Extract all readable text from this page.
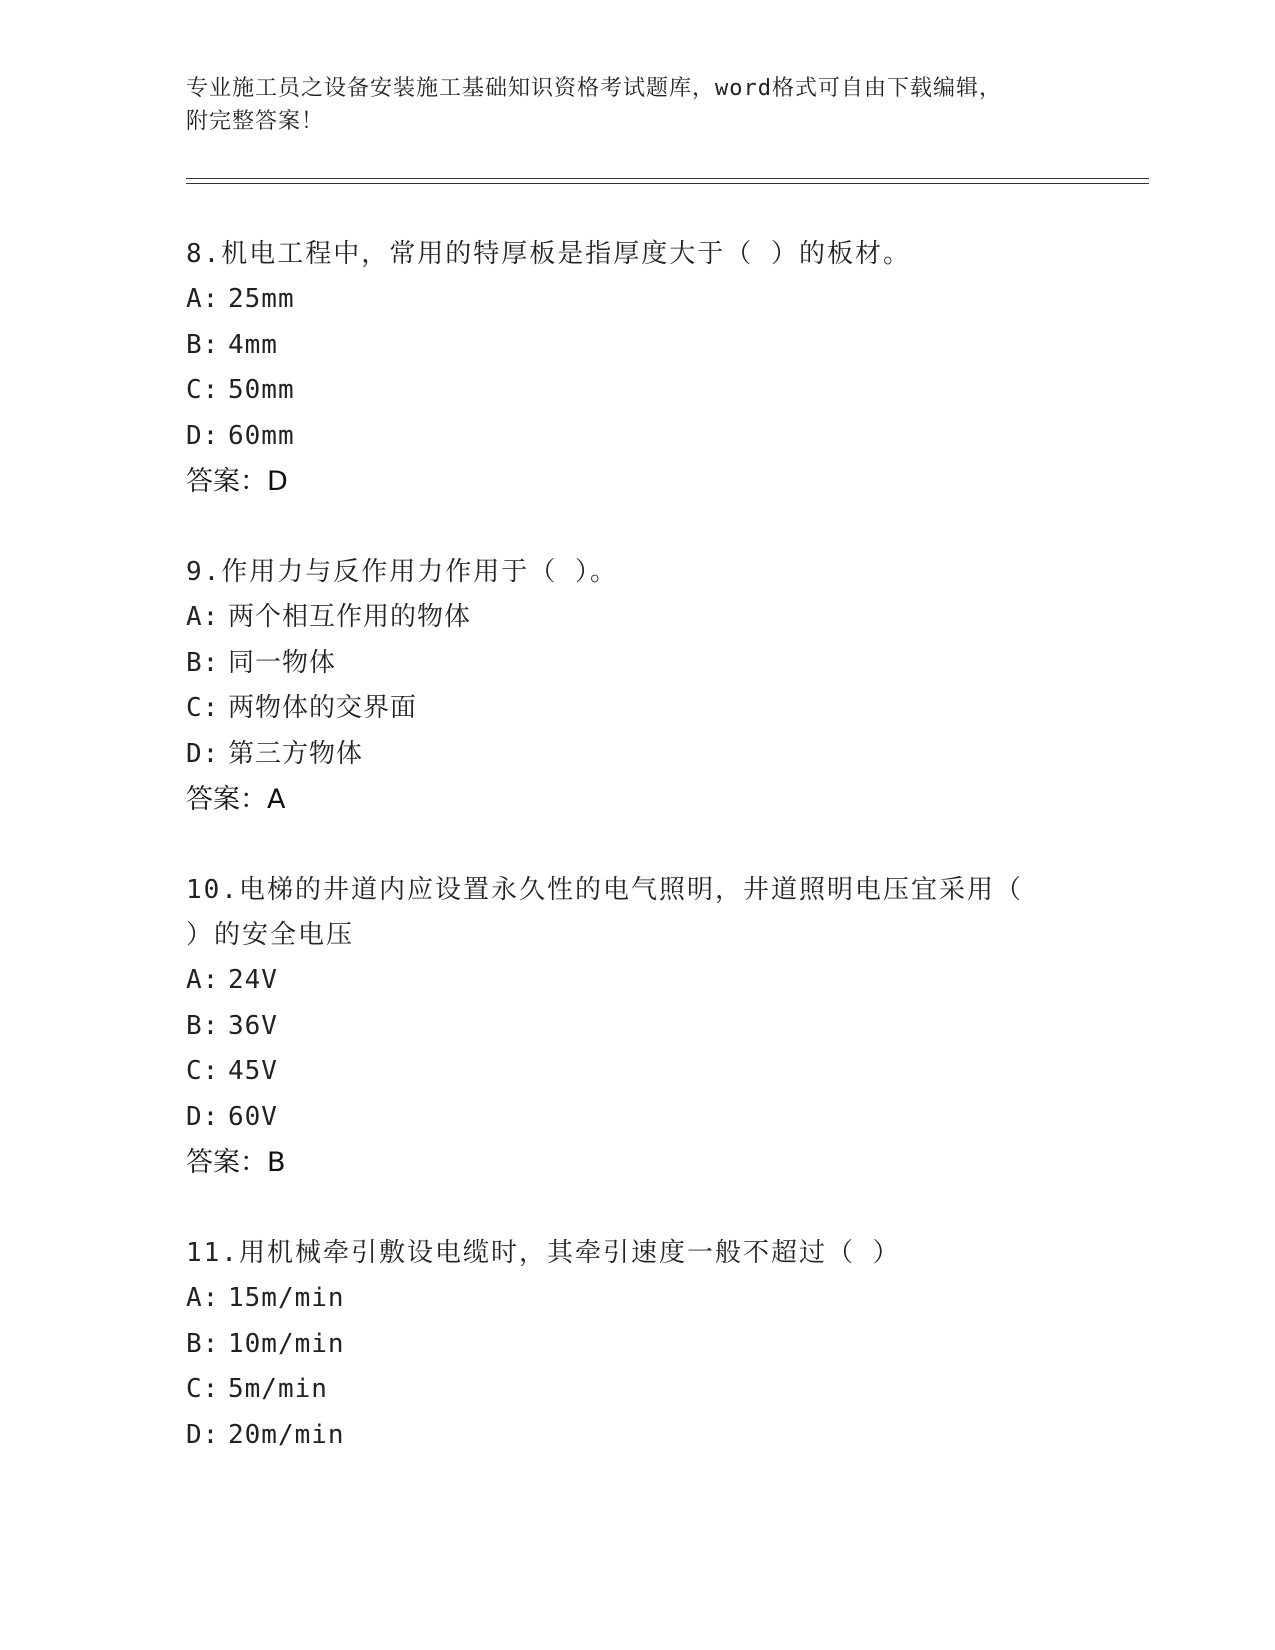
专业施工员之设备安装施工基础知识资格考试题库，word格式可自由下载编辑，
附完整答案！

8.机电工程中，常用的特厚板是指厚度大于（ ）的板材。

A: 25mm

B: 4mm

C: 50mm

D: 60mm

答案：D

9.作用力与反作用力作用于（ ）。

A: 两个相互作用的物体

B: 同一物体

C: 两物体的交界面

D: 第三方物体

答案：A

10.电梯的井道内应设置永久性的电气照明，井道照明电压宜采用（

）的安全电压

A: 24V

B: 36V

C: 45V

D: 60V

答案：B

11.用机械牵引敷设电缆时，其牵引速度一般不超过（ ）

A: 15m/min

B: 10m/min

C: 5m/min

D: 20m/min
